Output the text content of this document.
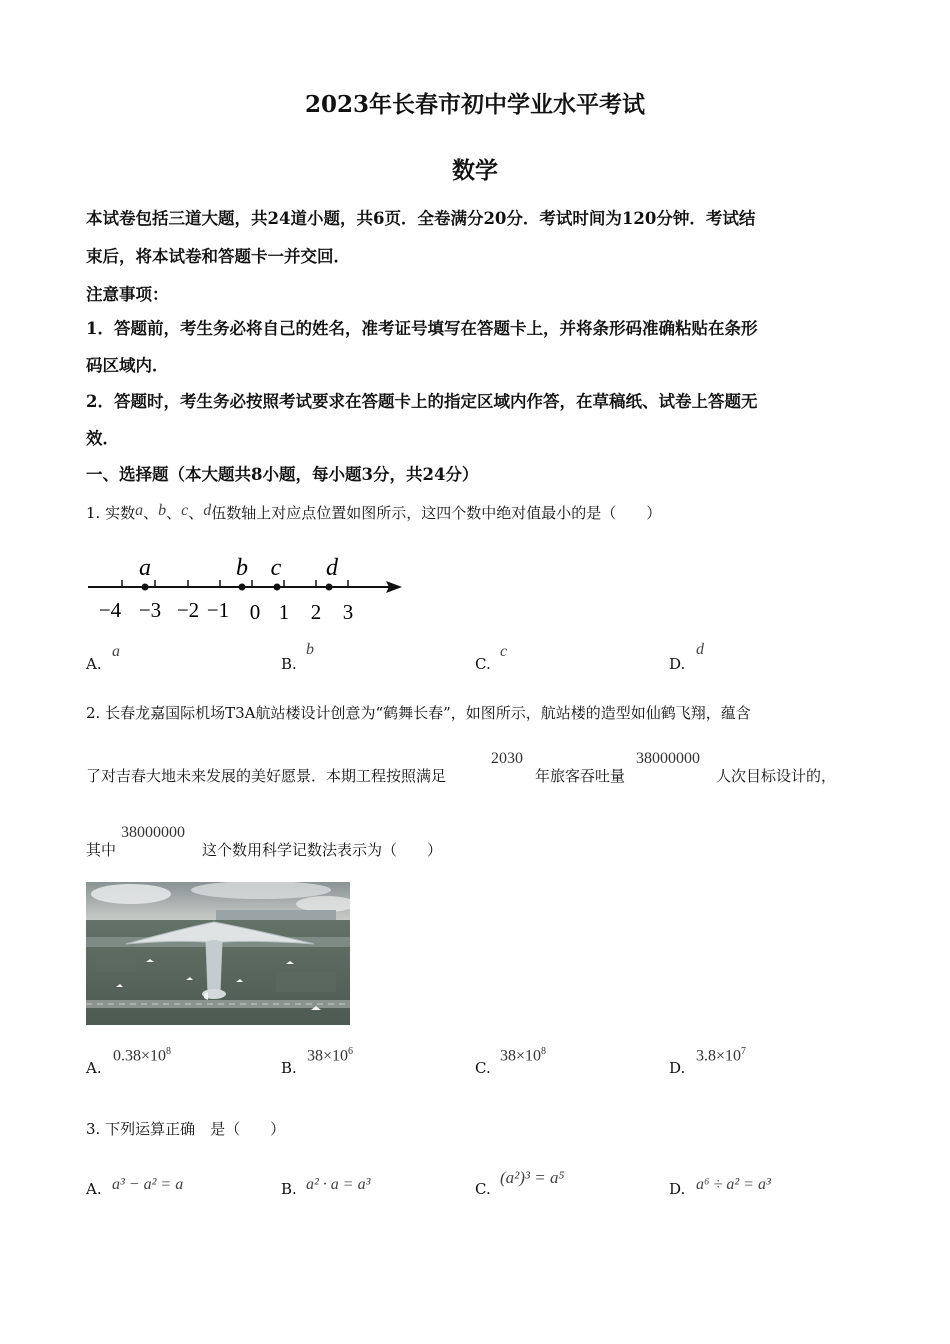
2023年长春市初中学业水平考试
数学
本试卷包括三道大题，共24道小题，共6页．全卷满分20分．考试时间为120分钟．考试结
束后，将本试卷和答题卡一并交回．
注意事项：
1．答题前，考生务必将自己的姓名，准考证号填写在答题卡上，并将条形码准确粘贴在条形
码区域内．
2．答题时，考生务必按照考试要求在答题卡上的指定区域内作答，在草稿纸、试卷上答题无
效．
一、选择题（本大题共8小题，每小题3分，共24分）
1. 实数a、b、c、d伍数轴上对应点位置如图所示，这四个数中绝对值最小的是（　　）
a	b c d
−4 −3 −2 −1 0 1 2 3
A.
a
B.
b
C.
c
D.
d
2. 长春龙嘉国际机场T3A航站楼设计创意为“鹤舞长春”，如图所示，航站楼的造型如仙鹤飞翔，蕴含
了对吉春大地未来发展的美好愿景．本期工程按照满足
2030
年旅客吞吐量
38000000
人次目标设计的，
其中
38000000
这个数用科学记数法表示为（　　）
A.
$0.38\times 10^8$
B.
$38\times 10^6$
C.
$38\times 10^8$
D.
$3.8\times 10^7$
3. 下列运算正确　是（　　）
A. a³ − a² = a	B. a² · a = a³	C.
(a²)³ = a⁵
D. a⁶ ÷ a² = a³
